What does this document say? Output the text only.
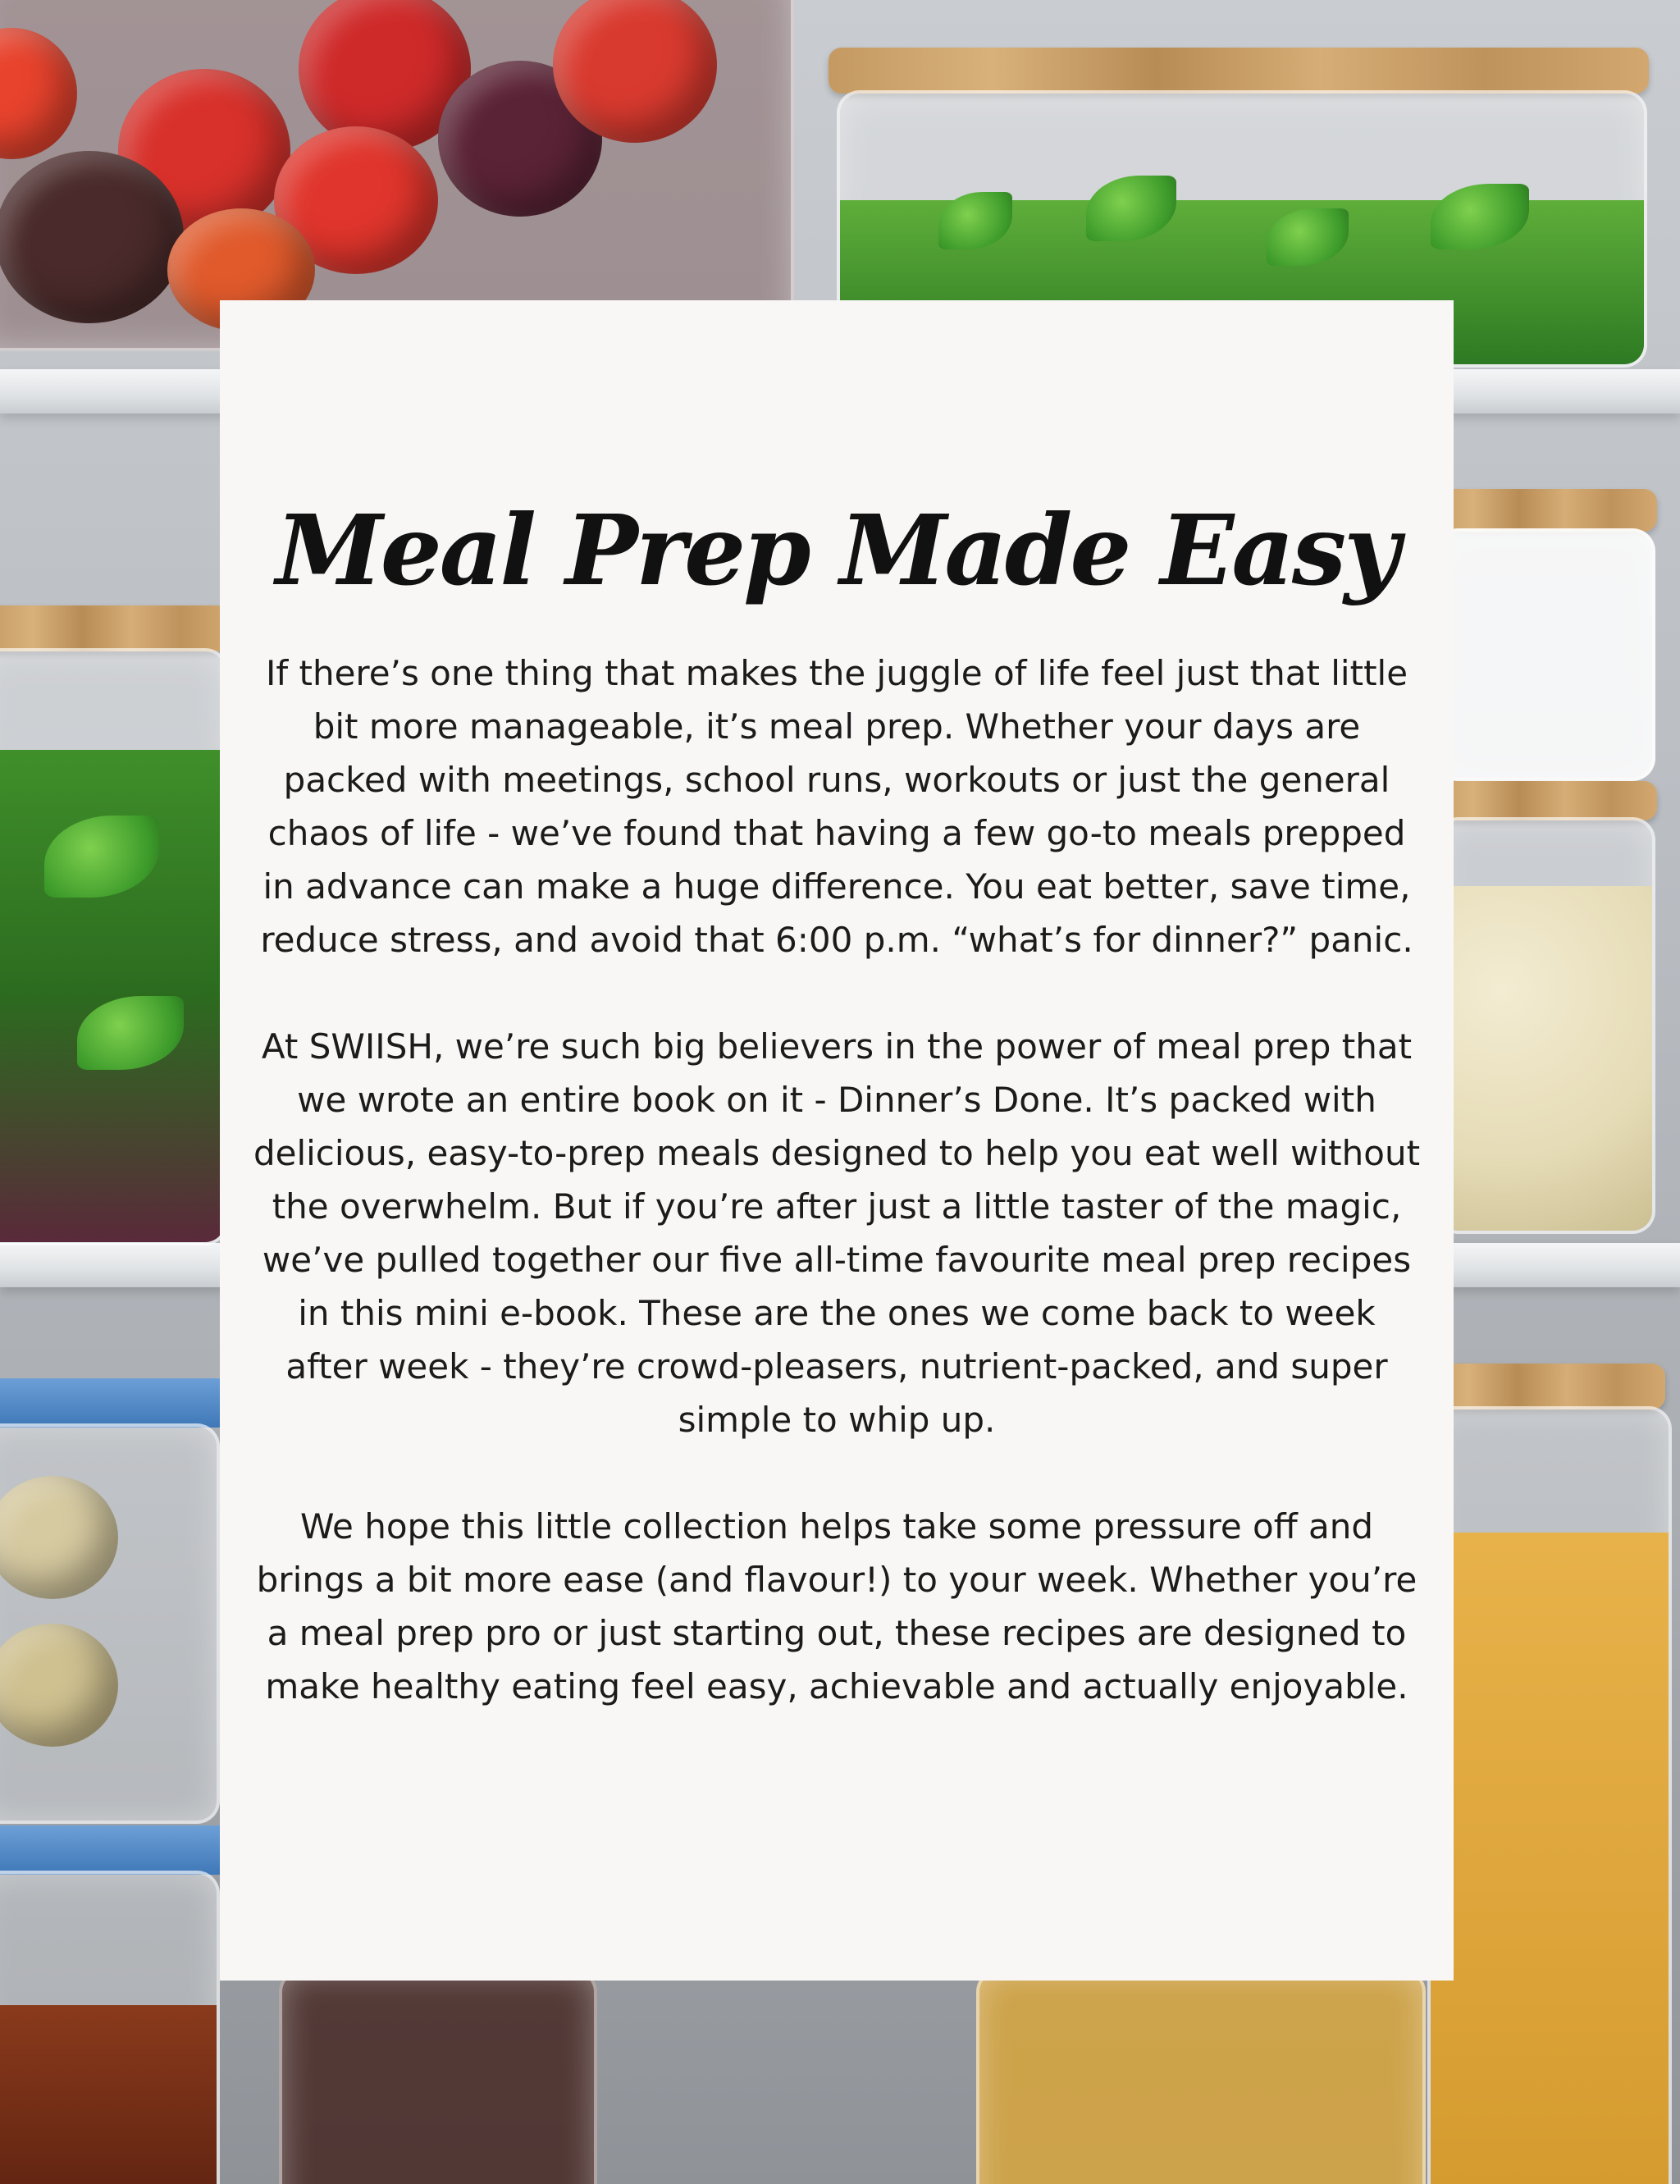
Meal Prep Made Easy

If there’s one thing that makes the juggle of life feel just that little bit more manageable, it’s meal prep. Whether your days are packed with meetings, school runs, workouts or just the general chaos of life - we’ve found that having a few go-to meals prepped in advance can make a huge difference. You eat better, save time, reduce stress, and avoid that 6:00 p.m. “what’s for dinner?” panic.

At SWIISH, we’re such big believers in the power of meal prep that we wrote an entire book on it - Dinner’s Done. It’s packed with delicious, easy-to-prep meals designed to help you eat well without the overwhelm. But if you’re after just a little taster of the magic, we’ve pulled together our five all-time favourite meal prep recipes in this mini e-book. These are the ones we come back to week after week - they’re crowd-pleasers, nutrient-packed, and super simple to whip up.

We hope this little collection helps take some pressure off and brings a bit more ease (and flavour!) to your week. Whether you’re a meal prep pro or just starting out, these recipes are designed to make healthy eating feel easy, achievable and actually enjoyable.
